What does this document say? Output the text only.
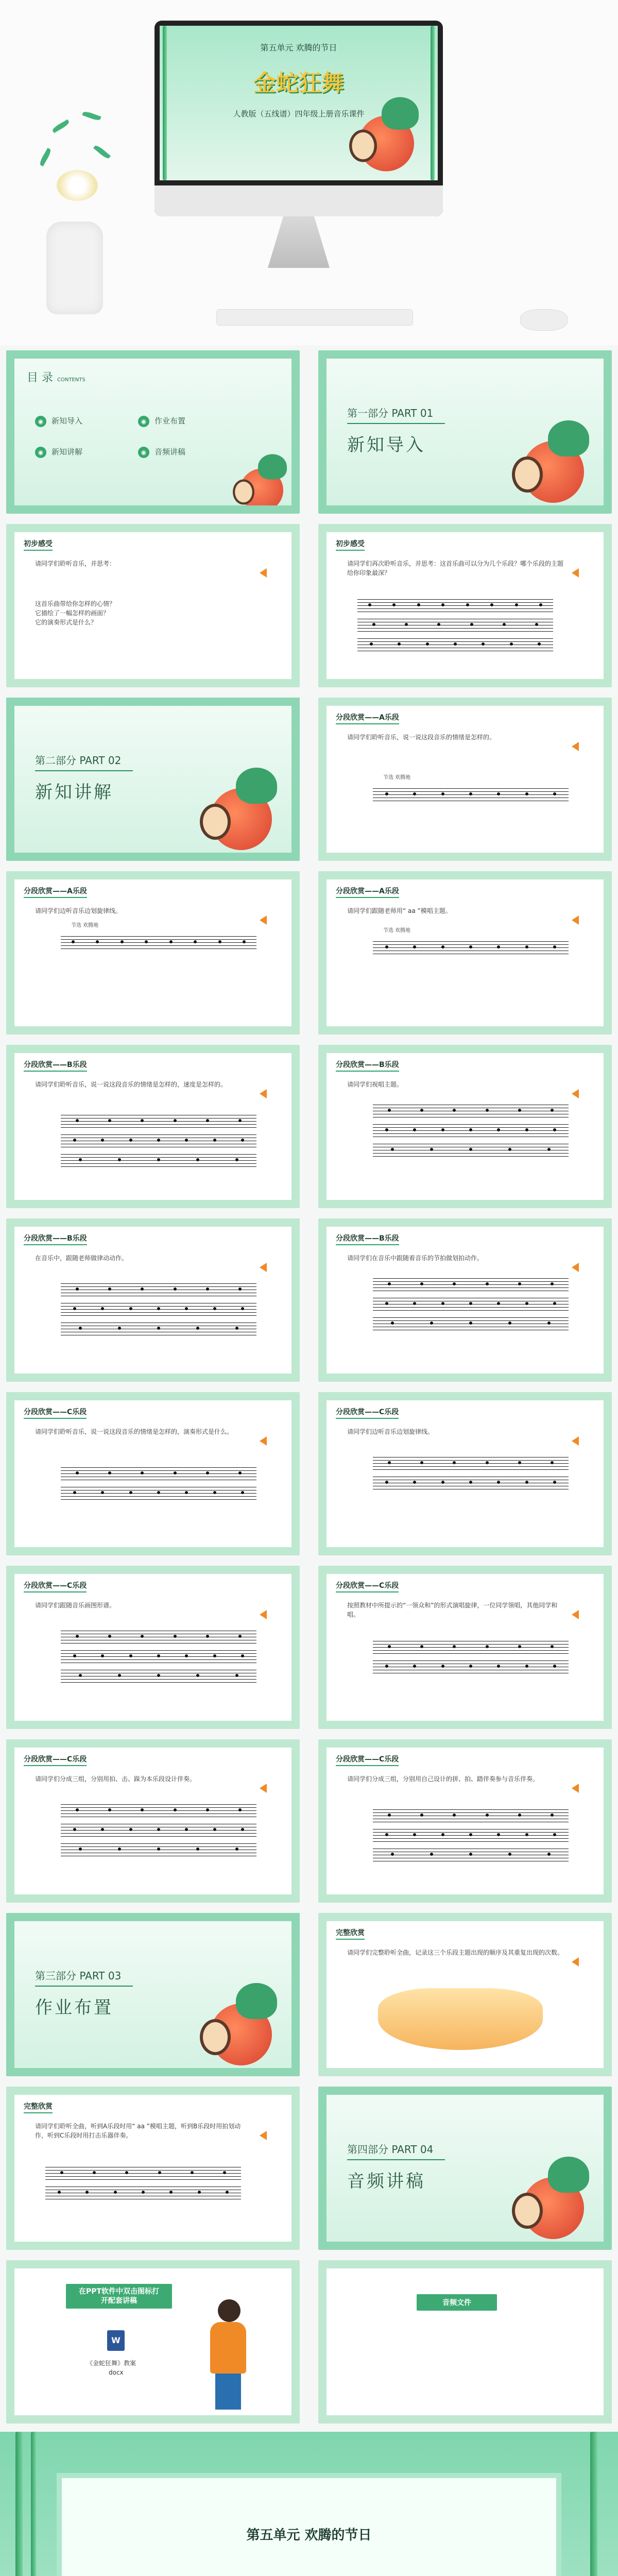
第五单元 欢腾的节日
金蛇狂舞
人教版（五线谱）四年级上册音乐课件
目 录 CONTENTS
◉ 新知导入	◉ 作业布置
◉ 新知讲解	◉ 音频讲稿
第一部分 PART 01
新知导入
初步感受
请同学们聆听音乐，并思考：
这首乐曲带给你怎样的心情？
它描绘了一幅怎样的画面？
它的演奏形式是什么？
初步感受
请同学们再次聆听音乐，并思考：这首乐曲可以分为几个乐段？哪个乐段的主题给你印象最深？
第二部分 PART 02
新知讲解
分段欣赏——A乐段
请同学们聆听音乐，说一说这段音乐的情绪是怎样的。
节选 欢腾地
分段欣赏——A乐段
请同学们边听音乐边划旋律线。
节选 欢腾地
分段欣赏——A乐段
请同学们跟随老师用“ aa ”模唱主题。
节选 欢腾地
分段欣赏——B乐段
请同学们聆听音乐，说一说这段音乐的情绪是怎样的，速度是怎样的。
分段欣赏——B乐段
请同学们视唱主题。
分段欣赏——B乐段
在音乐中，跟随老师做律动动作。
分段欣赏——B乐段
请同学们在音乐中跟随着音乐的节拍做划拍动作。
分段欣赏——C乐段
请同学们聆听音乐，说一说这段音乐的情绪是怎样的，演奏形式是什么。
分段欣赏——C乐段
请同学们边听音乐边划旋律线。
分段欣赏——C乐段
请同学们跟随音乐画图形谱。
分段欣赏——C乐段
按照教材中所提示的“一领众和”的形式演唱旋律，一位同学领唱，其他同学和唱。
分段欣赏——C乐段
请同学们分成三组，分别用拍、击、跺为本乐段设计伴奏。
分段欣赏——C乐段
请同学们分成三组，分别用自己设计的拼、拍、踏伴奏参与音乐伴奏。
第三部分 PART 03
作业布置
完整欣赏
请同学们完整聆听全曲，记录这三个乐段主题出现的顺序及其重复出现的次数。
完整欣赏
请同学们聆听全曲，听到A乐段时用“ aa ”模唱主题，听到B乐段时用拍划动作，听到C乐段时用打击乐器伴奏。
第四部分 PART 04
音频讲稿
在PPT软件中双击图标打开配套讲稿
W
《金蛇狂舞》教案
docx
音频文件
第五单元 欢腾的节日
